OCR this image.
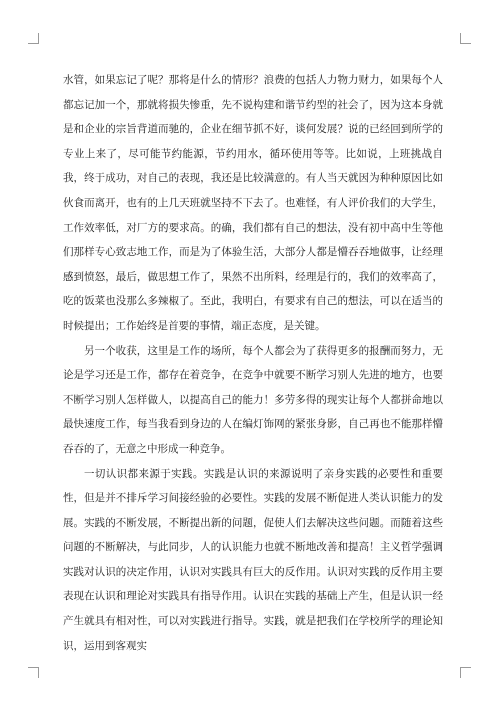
水管，如果忘记了呢？那将是什么的情形？浪费的包括人力物力财力，如果每个人都忘记加一个，那就将损失惨重，先不说构建和谐节约型的社会了，因为这本身就是和企业的宗旨背道而驰的，企业在细节抓不好，谈何发展？说的已经回到所学的专业上来了，尽可能节约能源，节约用水，循环使用等等。比如说，上班挑战自我，终于成功，对自己的表现，我还是比较满意的。有人当天就因为种种原因比如伙食而离开，也有的上几天班就坚持不下去了。也难怪，有人评价我们的大学生，工作效率低，对厂方的要求高。的确，我们都有自己的想法，没有初中高中生等他们那样专心致志地工作，而是为了体验生活，大部分人都是懵吞吞地做事，让经理感到愤怒，最后，做思想工作了，果然不出所料，经理是行的，我们的效率高了，吃的饭菜也没那么多辣椒了。至此，我明白，有要求有自己的想法，可以在适当的时候提出；工作始终是首要的事情，端正态度，是关键。

另一个收获，这里是工作的场所，每个人都会为了获得更多的报酬而努力，无论是学习还是工作，都存在着竞争，在竞争中就要不断学习别人先进的地方，也要不断学习别人怎样做人，以提高自己的能力！多劳多得的现实让每个人都拼命地以最快速度工作，每当我看到身边的人在编灯饰网的紧张身影，自己再也不能那样懵吞吞的了，无意之中形成一种竞争。

一切认识都来源于实践。实践是认识的来源说明了亲身实践的必要性和重要性，但是并不排斥学习间接经验的必要性。实践的发展不断促进人类认识能力的发展。实践的不断发展，不断提出新的问题，促使人们去解决这些问题。而随着这些问题的不断解决，与此同步，人的认识能力也就不断地改善和提高！主义哲学强调实践对认识的决定作用，认识对实践具有巨大的反作用。认识对实践的反作用主要表现在认识和理论对实践具有指导作用。认识在实践的基础上产生，但是认识一经产生就具有相对性，可以对实践进行指导。实践，就是把我们在学校所学的理论知识，运用到客观实
